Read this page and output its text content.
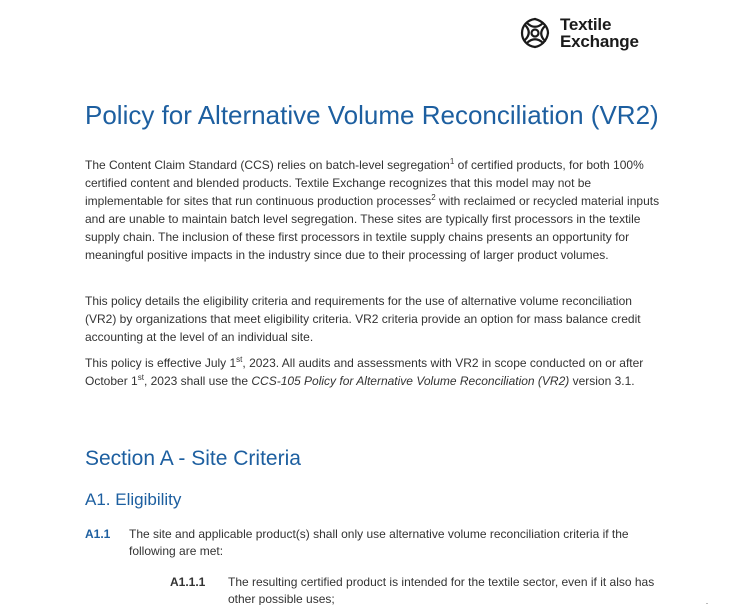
Textile
Exchange
Policy for Alternative Volume Reconciliation (VR2)

The Content Claim Standard (CCS) relies on batch-level segregation$^1$ of certified products, for both 100% certified content and blended products. Textile Exchange recognizes that this model may not be implementable for sites that run continuous production processes$^2$ with reclaimed or recycled material inputs and are unable to maintain batch level segregation. These sites are typically first processors in the textile supply chain. The inclusion of these first processors in textile supply chains presents an opportunity for meaningful positive impacts in the industry since due to their processing of larger product volumes.

This policy details the eligibility criteria and requirements for the use of alternative volume reconciliation (VR2) by organizations that meet eligibility criteria. VR2 criteria provide an option for mass balance credit accounting at the level of an individual site.

This policy is effective July 1st, 2023. All audits and assessments with VR2 in scope conducted on or after October 1st, 2023 shall use the CCS-105 Policy for Alternative Volume Reconciliation (VR2) version 3.1.

Section A - Site Criteria
A1. Eligibility
A1.1	The site and applicable product(s) shall only use alternative volume reconciliation criteria if the following are met:
A1.1.1	The resulting certified product is intended for the textile sector, even if it also has other possible uses;
